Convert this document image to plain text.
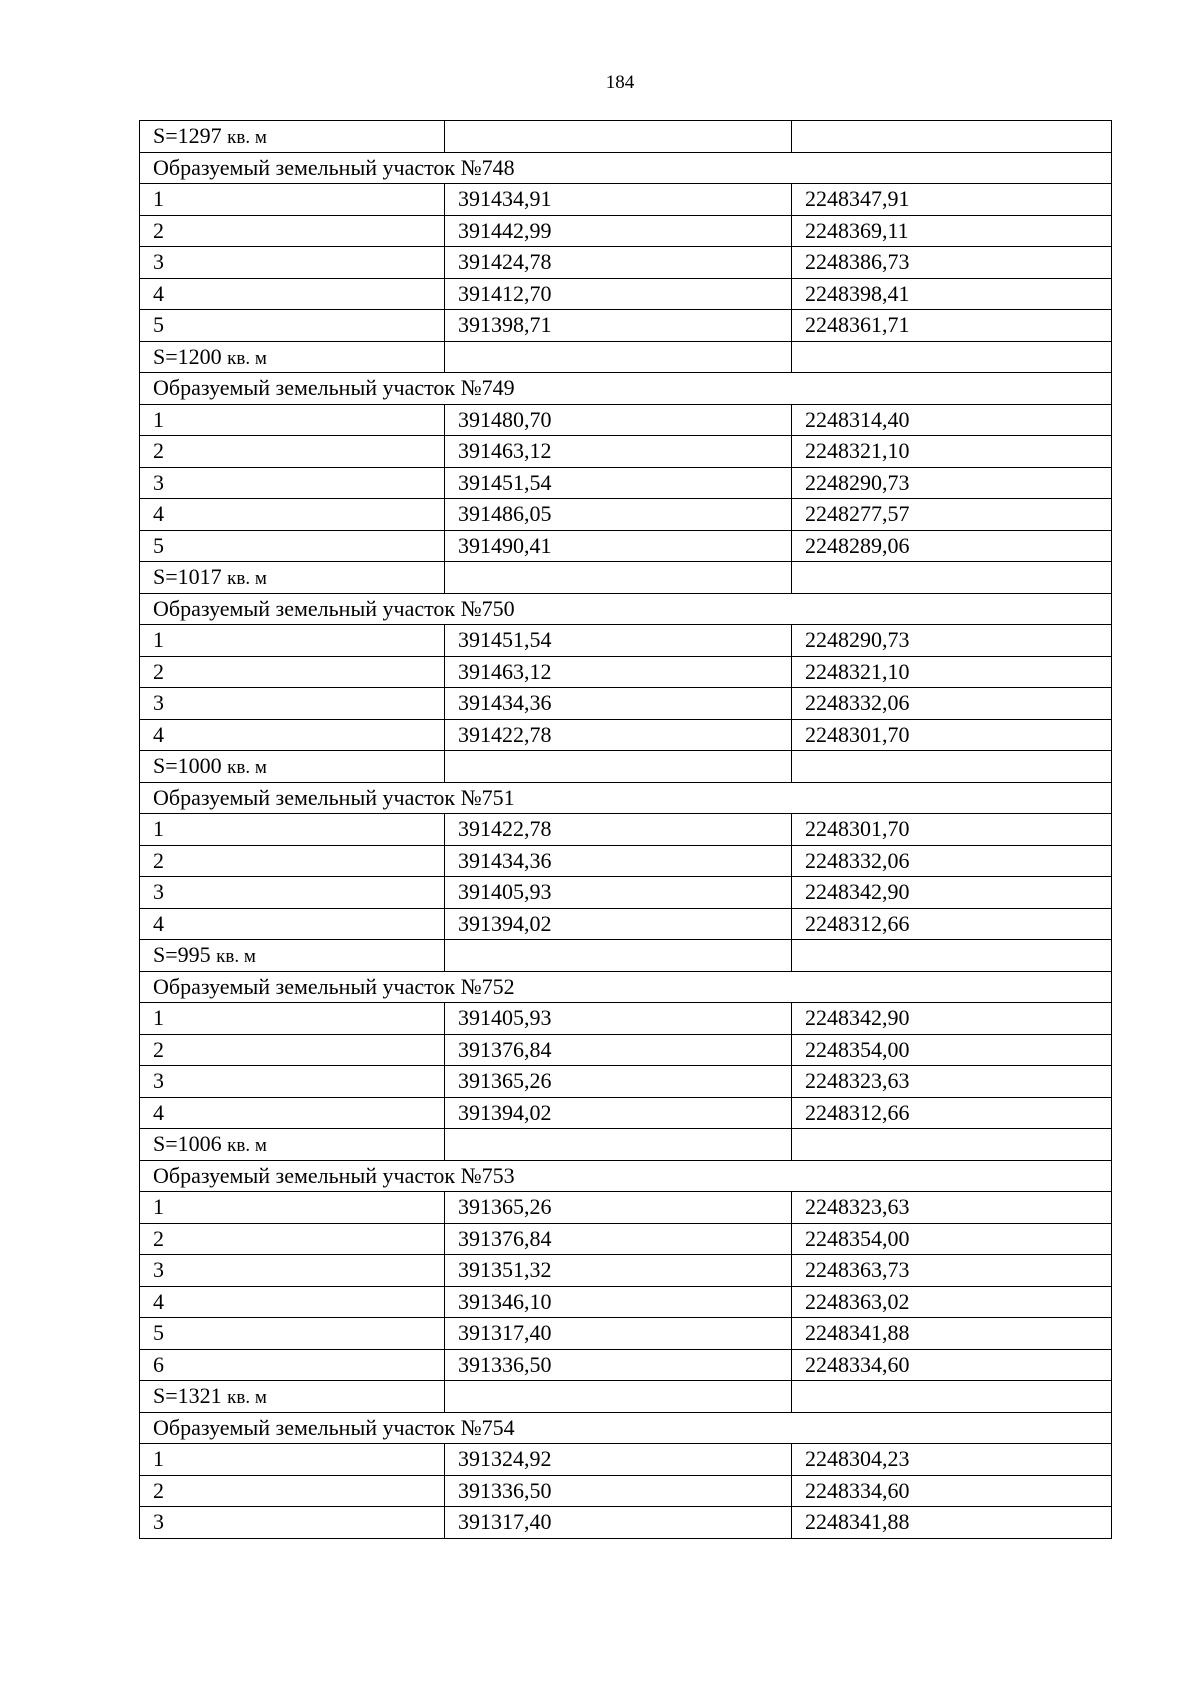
184
S=1297 кв. м		
Образуемый земельный участок №748		
1	391434,91	2248347,91
2	391442,99	2248369,11
3	391424,78	2248386,73
4	391412,70	2248398,41
5	391398,71	2248361,71
S=1200 кв. м		
Образуемый земельный участок №749		
1	391480,70	2248314,40
2	391463,12	2248321,10
3	391451,54	2248290,73
4	391486,05	2248277,57
5	391490,41	2248289,06
S=1017 кв. м		
Образуемый земельный участок №750		
1	391451,54	2248290,73
2	391463,12	2248321,10
3	391434,36	2248332,06
4	391422,78	2248301,70
S=1000 кв. м		
Образуемый земельный участок №751		
1	391422,78	2248301,70
2	391434,36	2248332,06
3	391405,93	2248342,90
4	391394,02	2248312,66
S=995 кв. м		
Образуемый земельный участок №752		
1	391405,93	2248342,90
2	391376,84	2248354,00
3	391365,26	2248323,63
4	391394,02	2248312,66
S=1006 кв. м		
Образуемый земельный участок №753		
1	391365,26	2248323,63
2	391376,84	2248354,00
3	391351,32	2248363,73
4	391346,10	2248363,02
5	391317,40	2248341,88
6	391336,50	2248334,60
S=1321 кв. м		
Образуемый земельный участок №754		
1	391324,92	2248304,23
2	391336,50	2248334,60
3	391317,40	2248341,88
